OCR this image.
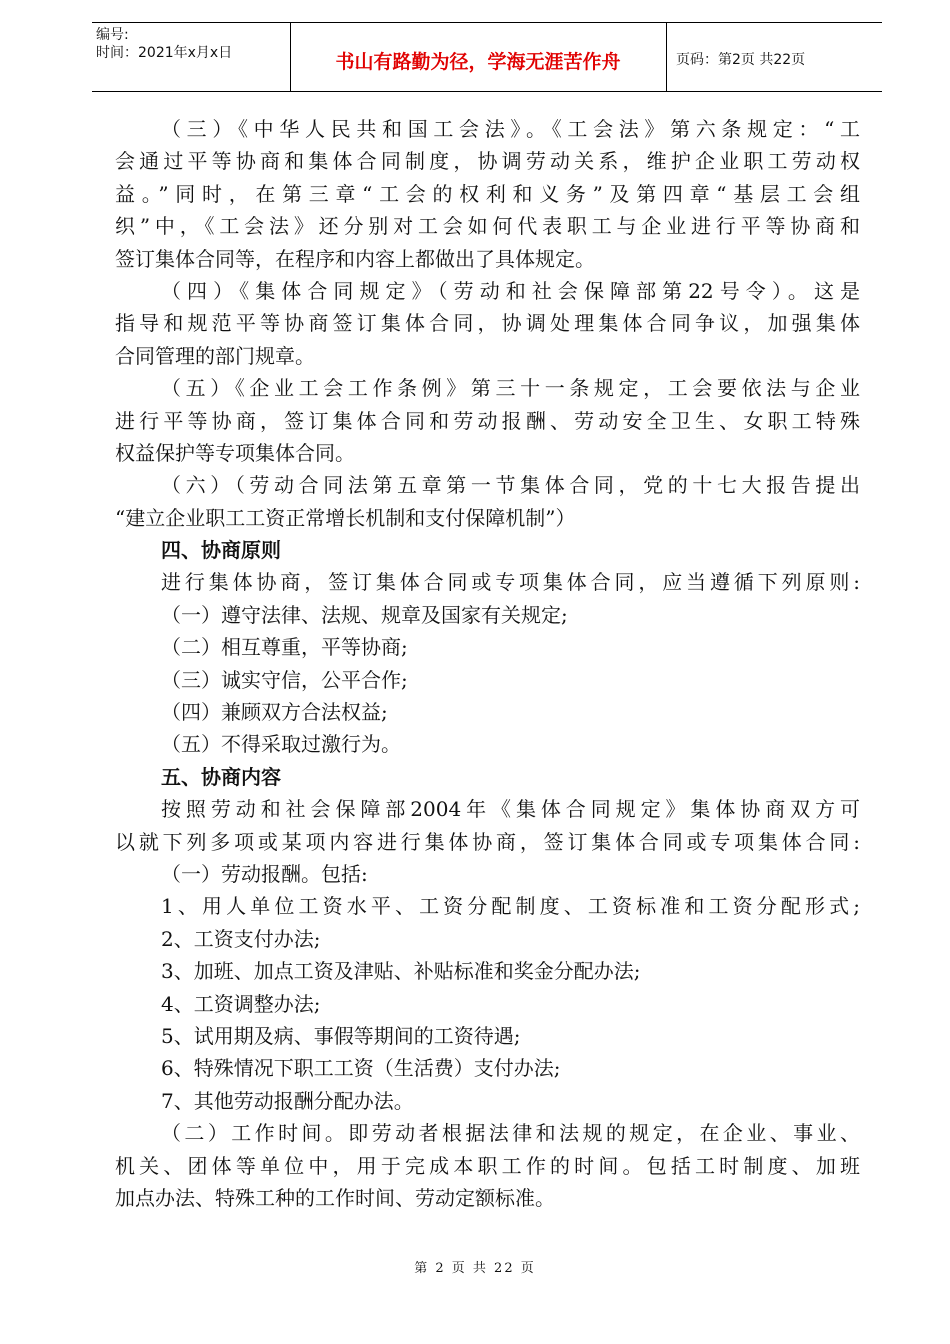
编号:
时间：2021年x月x日	书山有路勤为径，学海无涯苦作舟	页码：第2页 共22页
（三）《中华人民共和国工会法》。《工会法》第六条规定：“工
会通过平等协商和集体合同制度，协调劳动关系，维护企业职工劳动权
益。”同时，在第三章“工会的权利和义务”及第四章“基层工会组
织”中，《工会法》还分别对工会如何代表职工与企业进行平等协商和
签订集体合同等，在程序和内容上都做出了具体规定。
（四）《集体合同规定》（劳动和社会保障部第22号令）。这是
指导和规范平等协商签订集体合同，协调处理集体合同争议，加强集体
合同管理的部门规章。
（五）《企业工会工作条例》第三十一条规定，工会要依法与企业
进行平等协商，签订集体合同和劳动报酬、劳动安全卫生、女职工特殊
权益保护等专项集体合同。
（六）（劳动合同法第五章第一节集体合同，党的十七大报告提出
“建立企业职工工资正常增长机制和支付保障机制”）
四、协商原则
进行集体协商，签订集体合同或专项集体合同，应当遵循下列原则:
（一）遵守法律、法规、规章及国家有关规定;
（二）相互尊重，平等协商;
（三）诚实守信，公平合作;
（四）兼顾双方合法权益;
（五）不得采取过激行为。
五、协商内容
按照劳动和社会保障部2004年《集体合同规定》集体协商双方可
以就下列多项或某项内容进行集体协商，签订集体合同或专项集体合同:
（一）劳动报酬。包括:
1、用人单位工资水平、工资分配制度、工资标准和工资分配形式;
2、工资支付办法;
3、加班、加点工资及津贴、补贴标准和奖金分配办法;
4、工资调整办法;
5、试用期及病、事假等期间的工资待遇;
6、特殊情况下职工工资（生活费）支付办法;
7、其他劳动报酬分配办法。
（二）工作时间。即劳动者根据法律和法规的规定，在企业、事业、
机关、团体等单位中，用于完成本职工作的时间。包括工时制度、加班
加点办法、特殊工种的工作时间、劳动定额标准。
第 2 页 共 22 页
